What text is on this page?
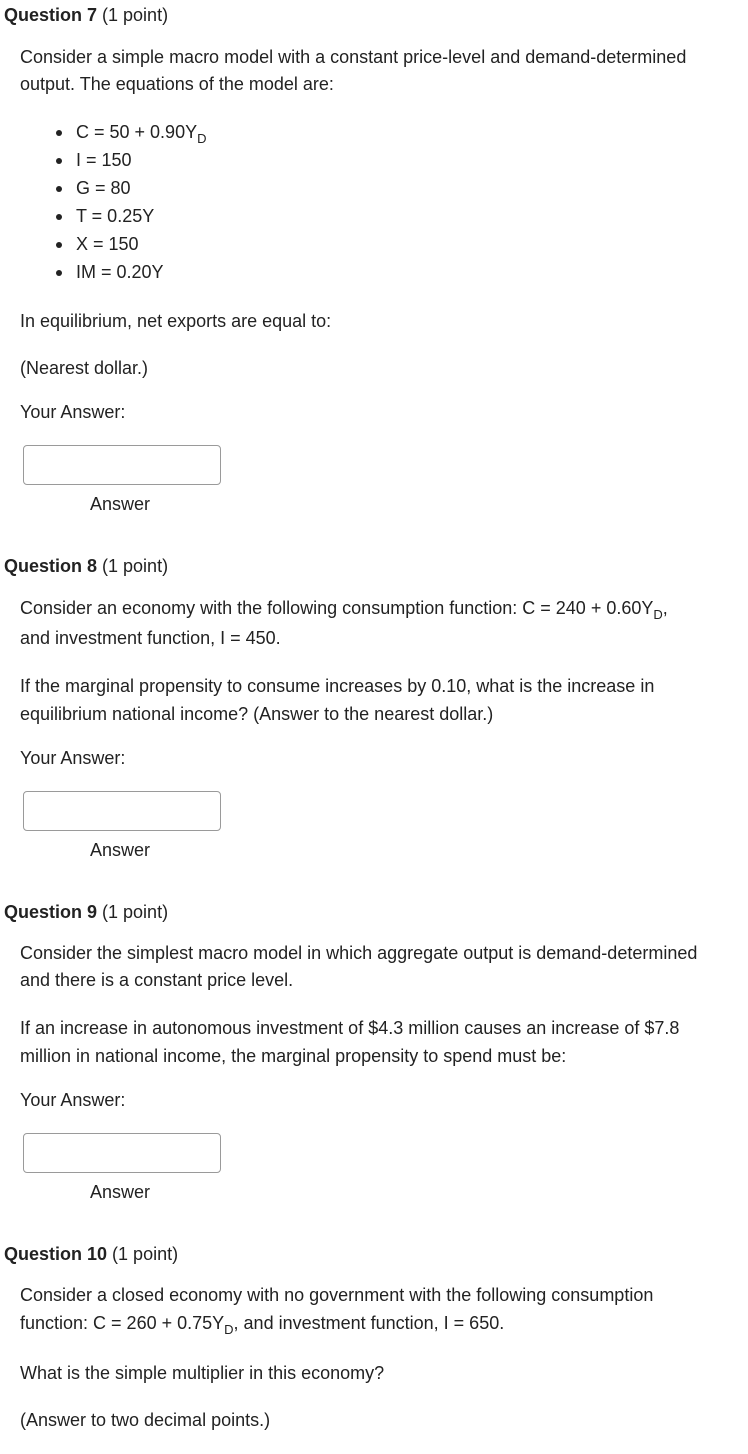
Question 7 (1 point)
Consider a simple macro model with a constant price-level and demand-determined
output. The equations of the model are:
$C = 50 + 0.90Y_D$
I = 150
G = 80
T = 0.25Y
X = 150
IM = 0.20Y
In equilibrium, net exports are equal to:
(Nearest dollar.)
Your Answer:
Answer
Question 8 (1 point)
Consider an economy with the following consumption function: $C = 240 + 0.60Y_D$,
and investment function, I = 450.
If the marginal propensity to consume increases by 0.10, what is the increase in
equilibrium national income? (Answer to the nearest dollar.)
Your Answer:
Answer
Question 9 (1 point)
Consider the simplest macro model in which aggregate output is demand-determined
and there is a constant price level.
If an increase in autonomous investment of $4.3 million causes an increase of $7.8
million in national income, the marginal propensity to spend must be:
Your Answer:
Answer
Question 10 (1 point)
Consider a closed economy with no government with the following consumption
function: $C = 260 + 0.75Y_D$, and investment function, I = 650.
What is the simple multiplier in this economy?
(Answer to two decimal points.)
